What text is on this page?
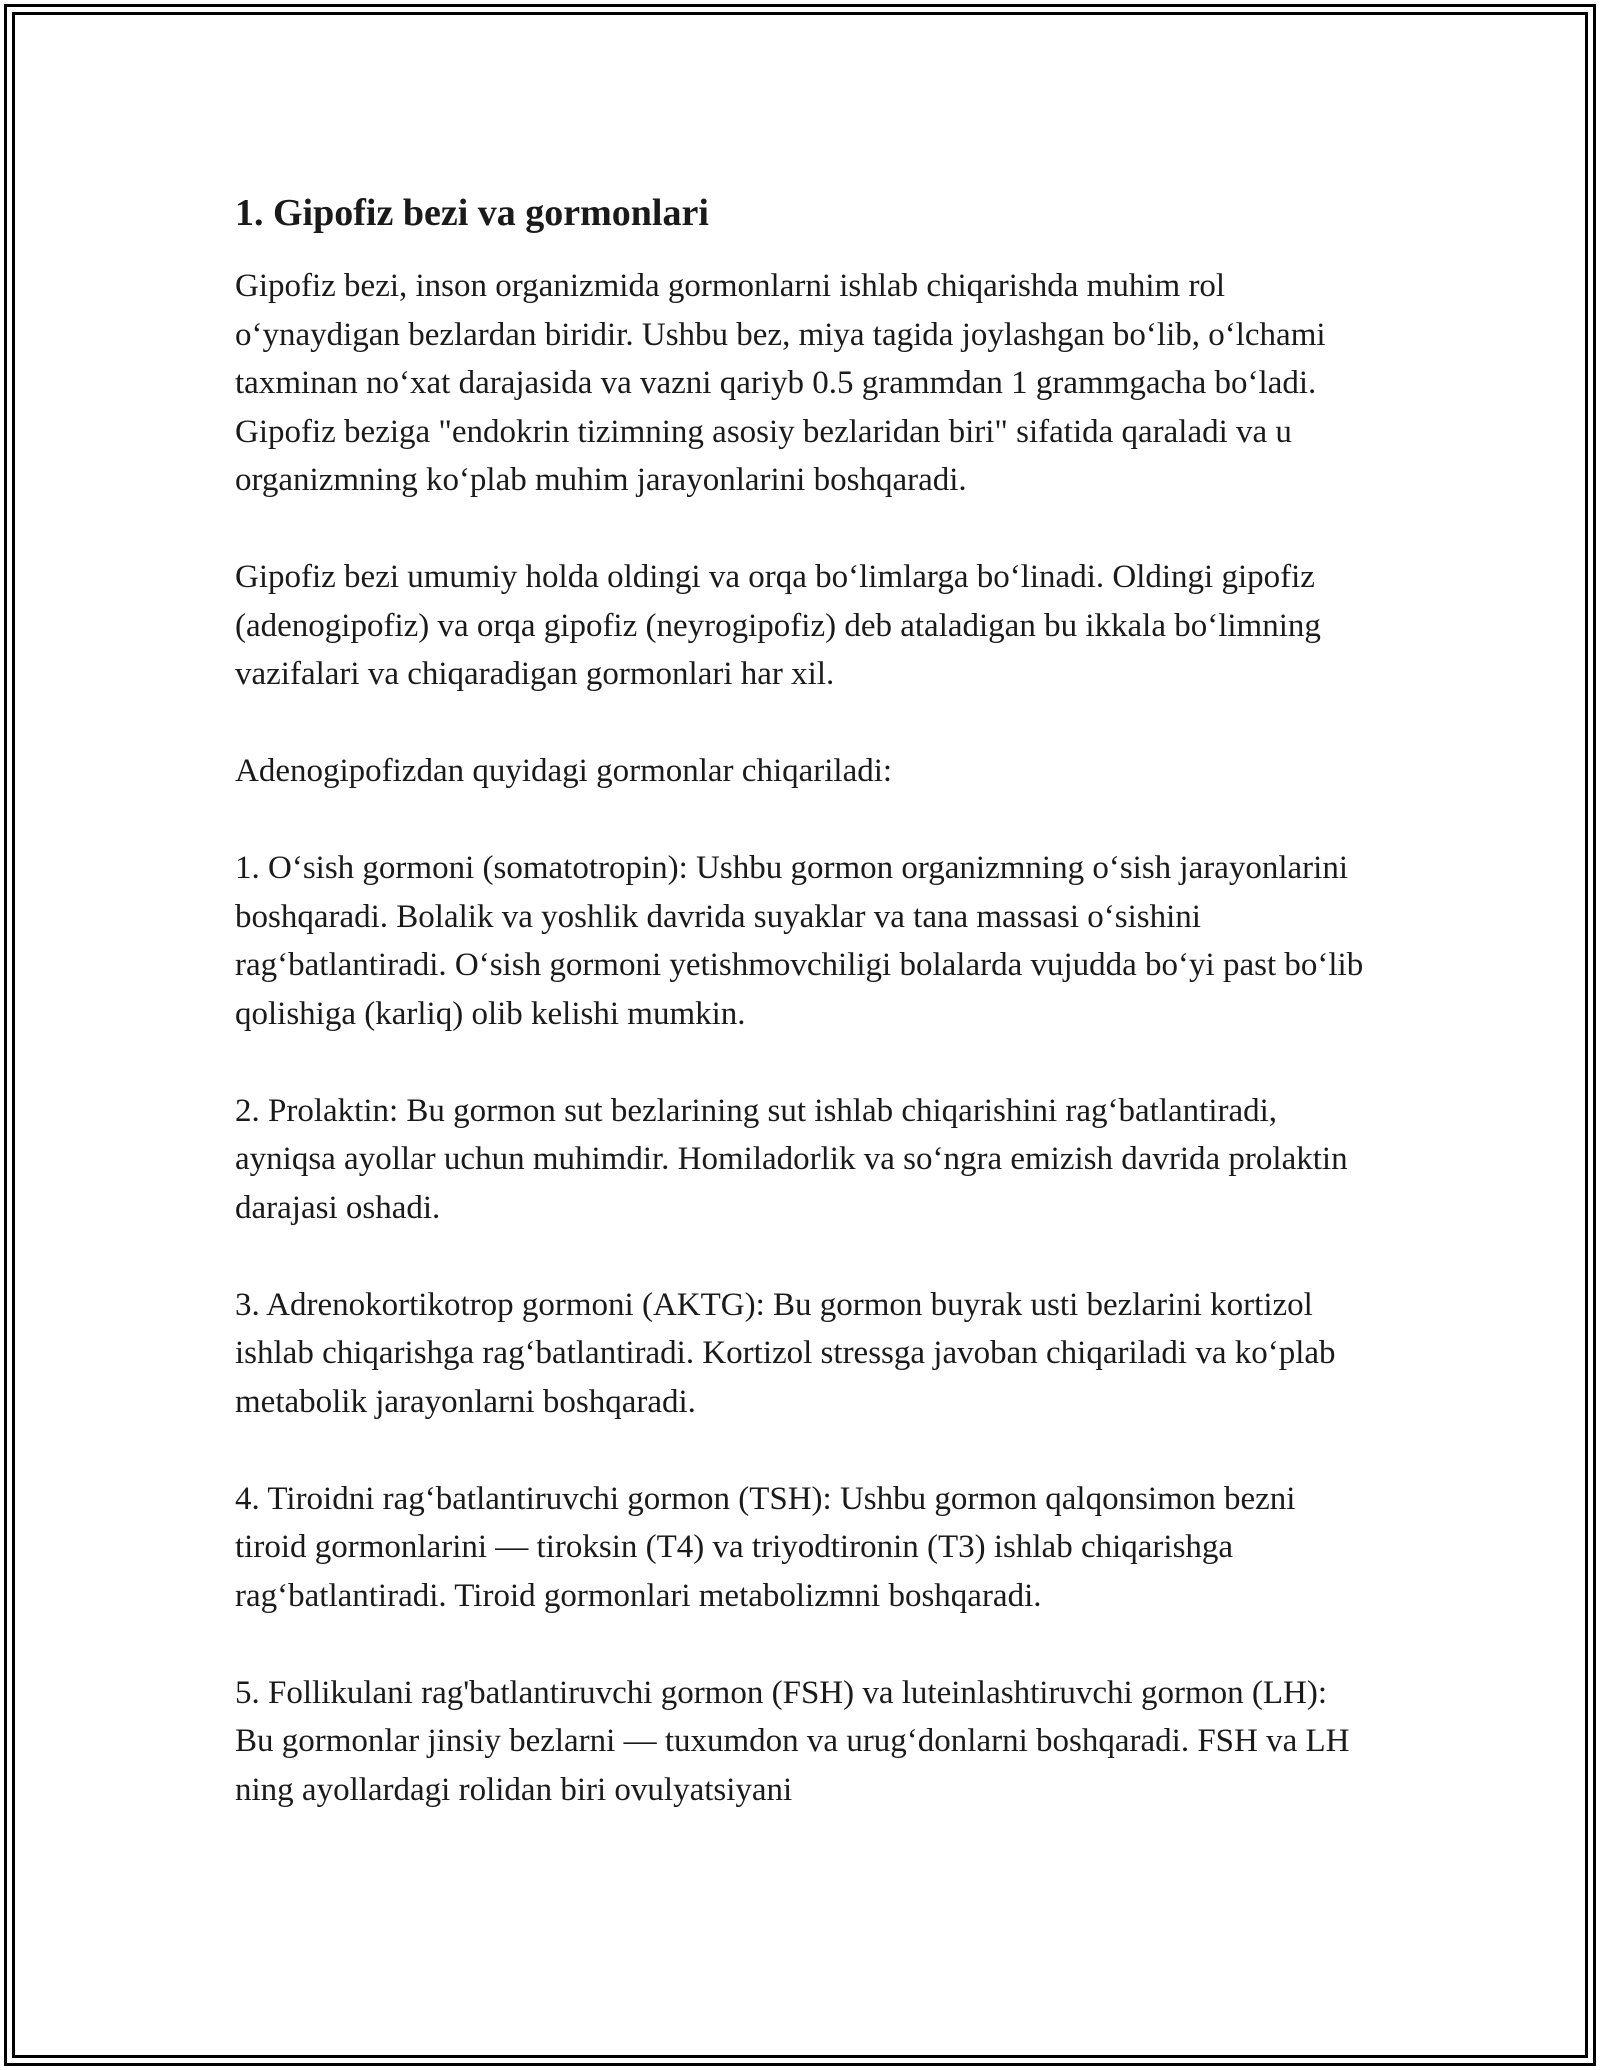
1. Gipofiz bezi va gormonlari

Gipofiz bezi, inson organizmida gormonlarni ishlab chiqarishda muhim rol o‘ynaydigan bezlardan biridir. Ushbu bez, miya tagida joylashgan bo‘lib, o‘lchami taxminan no‘xat darajasida va vazni qariyb 0.5 grammdan 1 grammgacha bo‘ladi. Gipofiz beziga "endokrin tizimning asosiy bezlaridan biri" sifatida qaraladi va u organizmning ko‘plab muhim jarayonlarini boshqaradi.

Gipofiz bezi umumiy holda oldingi va orqa bo‘limlarga bo‘linadi. Oldingi gipofiz (adenogipofiz) va orqa gipofiz (neyrogipofiz) deb ataladigan bu ikkala bo‘limning vazifalari va chiqaradigan gormonlari har xil.

Adenogipofizdan quyidagi gormonlar chiqariladi:

1. O‘sish gormoni (somatotropin): Ushbu gormon organizmning o‘sish jarayonlarini boshqaradi. Bolalik va yoshlik davrida suyaklar va tana massasi o‘sishini rag‘batlantiradi. O‘sish gormoni yetishmovchiligi bolalarda vujudda bo‘yi past bo‘lib qolishiga (karliq) olib kelishi mumkin.

2. Prolaktin: Bu gormon sut bezlarining sut ishlab chiqarishini rag‘batlantiradi, ayniqsa ayollar uchun muhimdir. Homiladorlik va so‘ngra emizish davrida prolaktin darajasi oshadi.

3. Adrenokortikotrop gormoni (AKTG): Bu gormon buyrak usti bezlarini kortizol ishlab chiqarishga rag‘batlantiradi. Kortizol stressga javoban chiqariladi va ko‘plab metabolik jarayonlarni boshqaradi.

4. Tiroidni rag‘batlantiruvchi gormon (TSH): Ushbu gormon qalqonsimon bezni tiroid gormonlarini — tiroksin (T4) va triyodtironin (T3) ishlab chiqarishga rag‘batlantiradi. Tiroid gormonlari metabolizmni boshqaradi.

5. Follikulani rag'batlantiruvchi gormon (FSH) va luteinlashtiruvchi gormon (LH): Bu gormonlar jinsiy bezlarni — tuxumdon va urug‘donlarni boshqaradi. FSH va LH ning ayollardagi rolidan biri ovulyatsiyani
